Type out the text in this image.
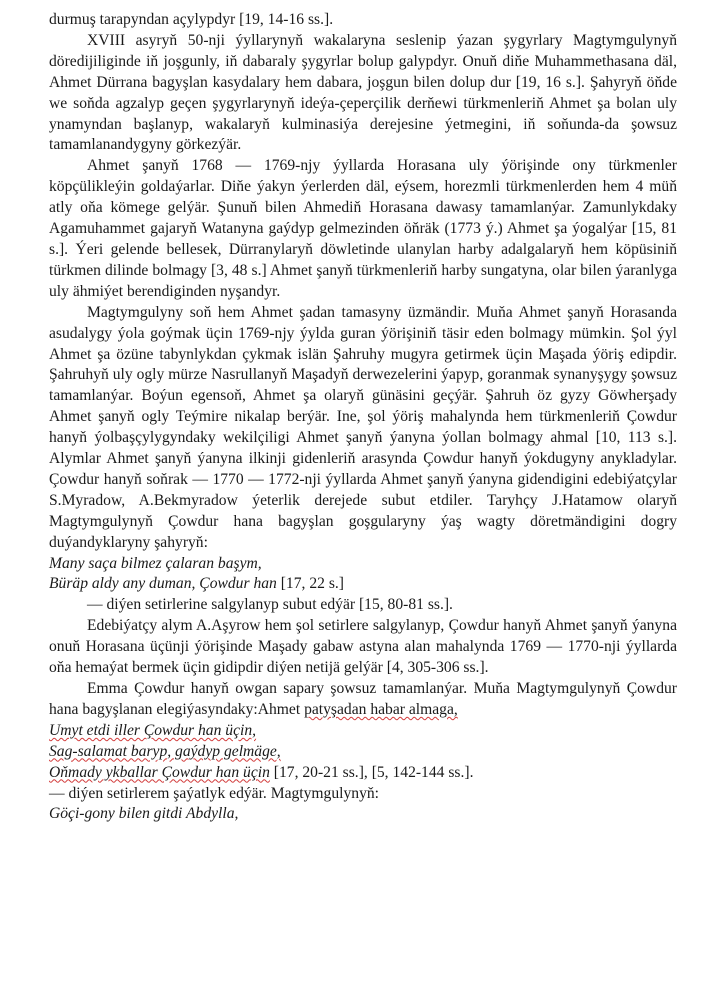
durmuş tarapyndan açylypdyr [19, 14-16 ss.].

XVIII asyryň 50-nji ýyllarynyň wakalaryna seslenip ýazan şygyrlary Magtymgulynyň döredijiliginde iň joşgunly, iň dabaraly şygyrlar bolup galypdyr. Onuň diňe Muhammethasana däl, Ahmet Dürrana bagyşlan kasydalary hem dabara, joşgun bilen dolup dur [19, 16 s.]. Şahyryň öňde we soňda agzalyp geçen şygyrlarynyň ideýa-çeperçilik derňewi türkmenleriň Ahmet şa bolan uly ynamyndan başlanyp, wakalaryň kulminasiýa derejesine ýetmegini, iň soňunda-da şowsuz tamamlanandygyny görkezýär.

Ahmet şanyň 1768 — 1769-njy ýyllarda Horasana uly ýörişinde ony türkmenler köpçülikleýin goldaýarlar. Diňe ýakyn ýerlerden däl, eýsem, horezmli türkmenlerden hem 4 müň atly oňa kömege gelýär. Şunuň bilen Ahmediň Horasana dawasy tamamlanýar. Zamunlykdaky Agamuhammet gajaryň Watanyna gaýdyp gelmezinden öňräk (1773 ý.) Ahmet şa ýogalýar [15, 81 s.]. Ýeri gelende bellesek, Dürranylaryň döwletinde ulanylan harby adalgalaryň hem köpüsiniň türkmen dilinde bolmagy [3, 48 s.] Ahmet şanyň türkmenleriň harby sungatyna, olar bilen ýaranlyga uly ähmiýet berendiginden nyşandyr.

Magtymgulyny soň hem Ahmet şadan tamasyny üzmändir. Muňa Ahmet şanyň Horasanda asudalygy ýola goýmak üçin 1769-njy ýylda guran ýörişiniň täsir eden bolmagy mümkin. Şol ýyl Ahmet şa özüne tabynlykdan çykmak islän Şahruhy mugyra getirmek üçin Maşada ýöriş edipdir. Şahruhyň uly ogly mürze Nasrullanyň Maşadyň derwezelerini ýapyp, goranmak synanyşygy şowsuz tamamlanýar. Boýun egensoň, Ahmet şa olaryň günäsini geçýär. Şahruh öz gyzy Göwherşady Ahmet şanyň ogly Teýmire nikalap berýär. Ine, şol ýöriş mahalynda hem türkmenleriň Çowdur hanyň ýolbaşçylygyndaky wekilçiligi Ahmet şanyň ýanyna ýollan bolmagy ahmal [10, 113 s.]. Alymlar Ahmet şanyň ýanyna ilkinji gidenleriň arasynda Çowdur hanyň ýokdugyny anykladylar. Çowdur hanyň soňrak — 1770 — 1772-nji ýyllarda Ahmet şanyň ýanyna gidendigini edebiýatçylar S.Myradow, A.Bekmyradow ýeterlik derejede subut etdiler. Taryhçy J.Hatamow olaryň Magtymgulynyň Çowdur hana bagyşlan goşgularyny ýaş wagty döretmändigini dogry duýandyklaryny şahyryň:

Many saça bilmez çalaran başym,

Büräp aldy any duman, Çowdur han [17, 22 s.]

— diýen setirlerine salgylanyp subut edýär [15, 80-81 ss.].

Edebiýatçy alym A.Aşyrow hem şol setirlere salgylanyp, Çowdur hanyň Ahmet şanyň ýanyna onuň Horasana üçünji ýörişinde Maşady gabaw astyna alan mahalynda 1769 — 1770-nji ýyllarda oňa hemaýat bermek üçin gidipdir diýen netijä gelýär [4, 305-306 ss.].

Emma Çowdur hanyň owgan sapary şowsuz tamamlanýar. Muňa Magtymgulynyň Çowdur hana bagyşlanan elegiýasyndaky:Ahmet patyşadan habar almaga,

Umyt etdi iller Çowdur han üçin,

Sag-salamat baryp, gaýdyp gelmäge,

Oňmady ykballar Çowdur han üçin [17, 20-21 ss.], [5, 142-144 ss.].

— diýen setirlerem şaýatlyk edýär. Magtymgulynyň:

Göçi-gony bilen gitdi Abdylla,
